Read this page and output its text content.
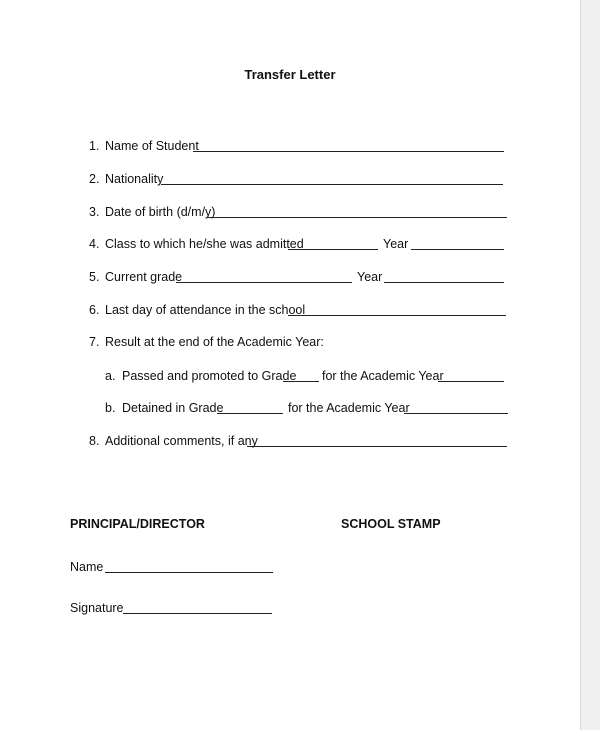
Transfer Letter
1. Name of Student
2. Nationality
3. Date of birth (d/m/y)
4. Class to which he/she was admitted	Year
5. Current grade	Year
6. Last day of attendance in the school
7. Result at the end of the Academic Year:
a. Passed and promoted to Grade for the Academic Year
b. Detained in Grade	for the Academic Year
8. Additional comments, if any
PRINCIPAL/DIRECTOR	SCHOOL STAMP
Name
Signature
